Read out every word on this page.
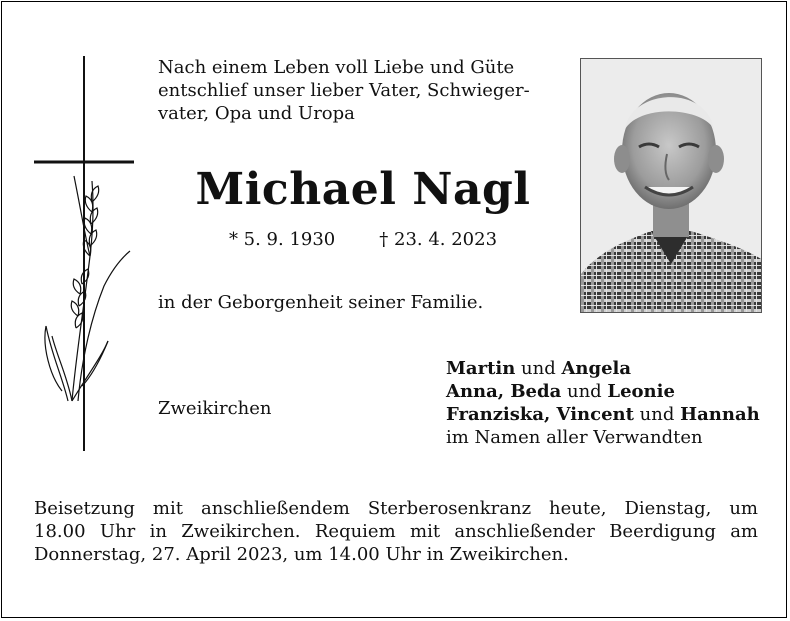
Nach einem Leben voll Liebe und Güte
entschlief unser lieber Vater, Schwieger-
vater, Opa und Uropa
Michael Nagl
* 5. 9. 1930 † 23. 4. 2023
in der Geborgenheit seiner Familie.
Zweikirchen
Martin und Angela
Anna, Beda und Leonie
Franziska, Vincent und Hannah
im Namen aller Verwandten
Beisetzung mit anschließendem Sterberosenkranz heute, Dienstag, um
18.00 Uhr in Zweikirchen. Requiem mit anschließender Beerdigung am
Donnerstag, 27. April 2023, um 14.00 Uhr in Zweikirchen.
